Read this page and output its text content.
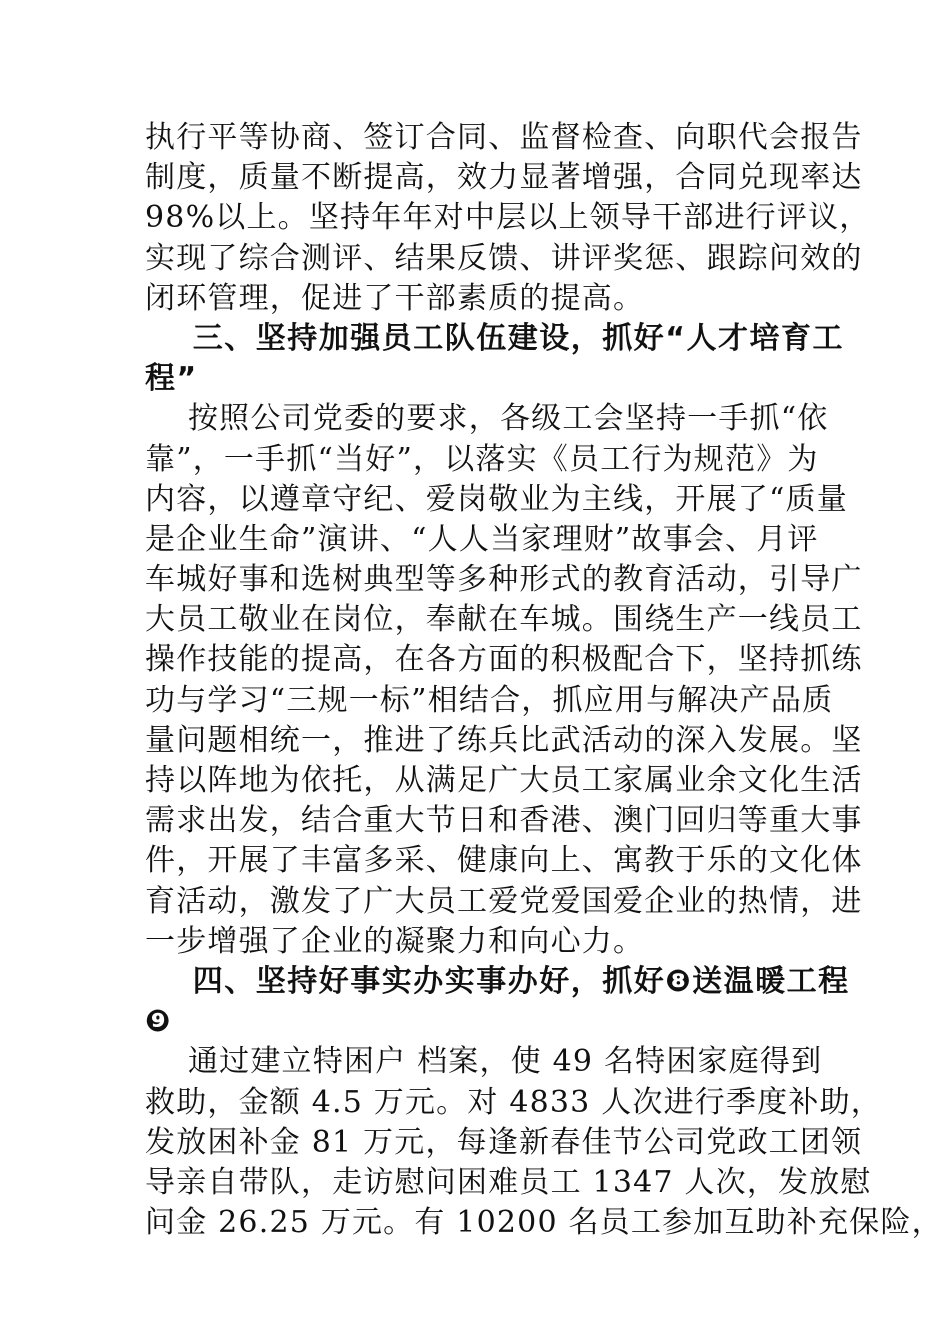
执行平等协商、签订合同、监督检查、向职代会报告
制度，质量不断提高，效力显著增强，合同兑现率达
98%以上。坚持年年对中层以上领导干部进行评议，
实现了综合测评、结果反馈、讲评奖惩、跟踪问效的
闭环管理，促进了干部素质的提高。
三、坚持加强员工队伍建设，抓好“人才培育工
程”
按照公司党委的要求，各级工会坚持一手抓“依
靠”，一手抓“当好”，以落实《员工行为规范》为
内容，以遵章守纪、爱岗敬业为主线，开展了“质量
是企业生命”演讲、“人人当家理财”故事会、月评
车城好事和选树典型等多种形式的教育活动，引导广
大员工敬业在岗位，奉献在车城。围绕生产一线员工
操作技能的提高，在各方面的积极配合下，坚持抓练
功与学习“三规一标”相结合，抓应用与解决产品质
量问题相统一，推进了练兵比武活动的深入发展。坚
持以阵地为依托，从满足广大员工家属业余文化生活
需求出发，结合重大节日和香港、澳门回归等重大事
件，开展了丰富多采、健康向上、寓教于乐的文化体
育活动，激发了广大员工爱党爱国爱企业的热情，进
一步增强了企业的凝聚力和向心力。
四、坚持好事实办实事办好，抓好❽送温暖工程
❾
通过建立特困户 档案，使 49 名特困家庭得到
救助，金额 4.5 万元。对 4833 人次进行季度补助，
发放困补金 81 万元，每逢新春佳节公司党政工团领
导亲自带队，走访慰问困难员工 1347 人次，发放慰
问金 26.25 万元。有 10200 名员工参加互助补充保险，
